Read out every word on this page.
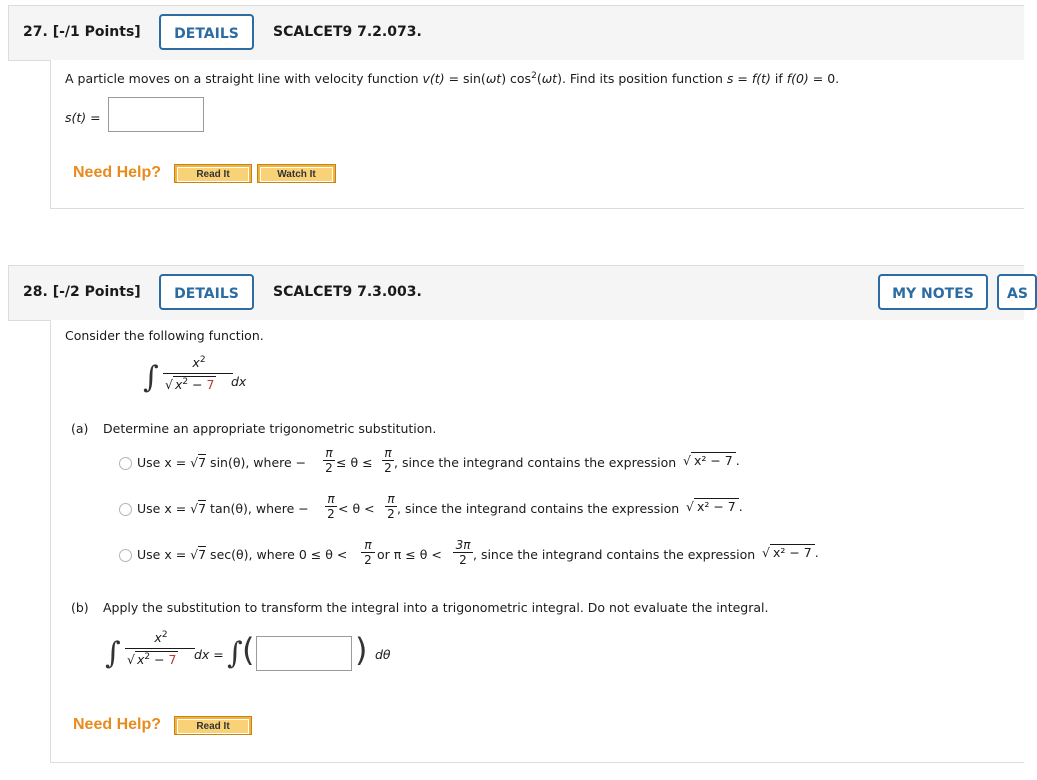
27. [-/1 Points]	DETAILS	SCALCET9 7.2.073.
A particle moves on a straight line with velocity function v(t) = sin(ωt) $\cos^2(\omega t)$. Find its position function s = f(t) if f(0) = 0.
s(t) =
Need Help?	Read It	Watch It
28. [-/2 Points]	DETAILS	SCALCET9 7.3.003.	MY NOTES	AS
Consider the following function.
∫	$x^2$
√ $x^2 - 7$ dx
(a) Determine an appropriate trigonometric substitution.
Use x = √7 sin(θ), where − $\frac{\pi}{2} \le \theta \le \frac{\pi}{2}$ , since the integrand contains the expression √ x² − 7 .
Use x = √7 tan(θ), where − $\frac{\pi}{2} < \theta < \frac{\pi}{2}$ , since the integrand contains the expression √ x² − 7 .
Use x = √7 sec(θ), where $0 \le \theta < \frac{\pi}{2}$ or $\pi \le \theta < \frac{3\pi}{2}$ , since the integrand contains the expression √ x² − 7 .
(b) Apply the substitution to transform the integral into a trigonometric integral. Do not evaluate the integral.
∫	$x^2$
√ $x^2 - 7$ dx = ∫ (	) dθ
Need Help?	Read It
